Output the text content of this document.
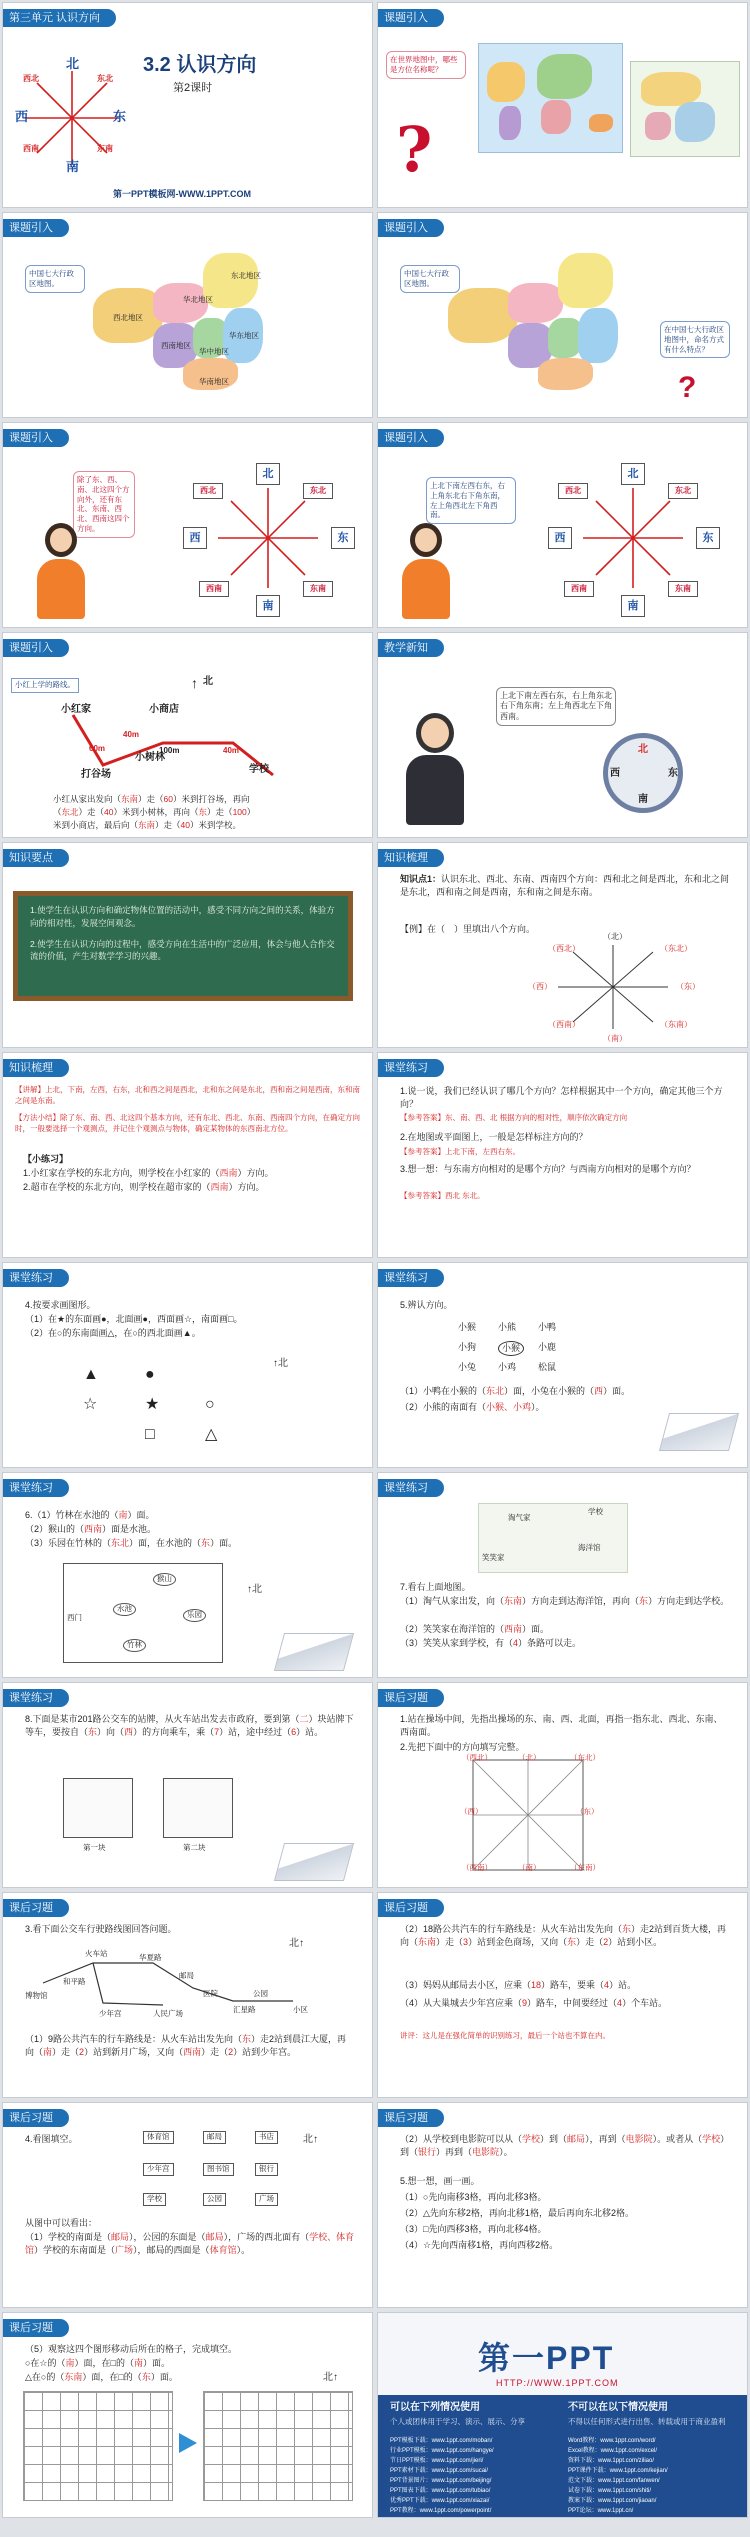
第三单元 认识方向
3.2 认识方向
第2课时
北
东北
东
东南
南
西南
西
西北
第一PPT模板网-WWW.1PPT.COM
课题引入
在世界地图中，哪些是方位名称呢？
?
课题引入
中国七大行政区地图。
东北地区
华北地区
西北地区
西南地区
华中地区
华东地区
华南地区
课题引入
中国七大行政区地图。
在中国七大行政区地图中，命名方式有什么特点？
?
课题引入
除了东、西、南、北这四个方向外，还有东北、东南、西北、西南这四个方向。
北
东北
东
东南
南
西南
西
西北
课题引入
上北下南左西右东，右上角东北右下角东南，左上角西北左下角西南。
北
东北
东
东南
南
西南
西
西北
课题引入
小红上学的路线。	北
↑
小红家	小商店
小树林
学校
打谷场
60m	100m
40m
40m
小红从家出发向（东南）走（60）米到打谷场，再向
（东北）走（40）米到小树林，再向（东）走（100）
米到小商店，最后向（东南）走（40）米到学校。
教学新知
上北下南左西右东，右上角东北右下角东南；左上角西北左下角西南。
北
东
南
西
知识要点
1.使学生在认识方向和确定物体位置的活动中，感受不同方向之间的关系，体验方向的相对性，发展空间观念。
2.使学生在认识方向的过程中，感受方向在生活中的广泛应用，体会与他人合作交流的价值，产生对数学学习的兴趣。
知识梳理
知识点1：认识东北、西北、东南、西南四个方向：西和北之间是西北，东和北之间是东北，西和南之间是西南，东和南之间是东南。
【例】在（　）里填出八个方向。
（北）
（东北）
（东）
（东南）
（南）
（西南）
（西）
（西北）
知识梳理
【讲解】上北，下南，左西，右东，北和西之间是西北，北和东之间是东北，西和南之间是西南，东和南之间是东南。
【方法小结】除了东、南、西、北这四个基本方向，还有东北、西北、东南、西南四个方向，在确定方向时，一般要选择一个观测点，并记住个观测点与物体，确定某物体的东西南北方位。
【小练习】
1.小红家在学校的东北方向，则学校在小红家的（西南）方向。
2.超市在学校的东北方向，则学校在超市家的（西南）方向。
课堂练习
1.说一说，我们已经认识了哪几个方向？怎样根据其中一个方向，确定其他三个方向？
【参考答案】东、南、西、北 根据方向的相对性，顺序依次确定方向
2.在地图或平面图上，一般是怎样标注方向的？
【参考答案】上北下南，左西右东。
3.想一想：与东南方向相对的是哪个方向？与西南方向相对的是哪个方向？
【参考答案】西北 东北。
课堂练习
4.按要求画图形。
（1）在★的东面画●，北面画●，西面画☆，南面画□。
（2）在○的东南面画△，在○的西北面画▲。
↑北
▲	●
☆	★	○
□	△
课堂练习
5.辨认方向。
小猴 小熊 小鸭
小狗	小猴	小鹿
小兔 小鸡 松鼠
（1）小鸭在小猴的（东北）面，小兔在小猴的（西）面。
（2）小熊的南面有（小猴、小鸡）。
课堂练习
6.（1）竹林在水池的（南）面。
（2）猴山的（西南）面是水池。
（3）乐园在竹林的（东北）面，在水池的（东）面。
西门
猴山
水池
竹林
乐园
↑北
课堂练习
学校
海洋馆
笑笑家
淘气家
7.看右上面地图。
（1）淘气从家出发，向（东南）方向走到达海洋馆，再向（东）方向走到达学校。
（2）笑笑家在海洋馆的（西南）面。
（3）笑笑从家到学校，有（4）条路可以走。
课堂练习
8.下面是某市201路公交车的站牌，从火车站出发去市政府，要到第（二）块站牌下等车，要按自（东）向（西）的方向乘车，乘（7）站，途中经过（6）站。
第一块	第二块
课后习题
1.站在操场中间，先指出操场的东、南、西、北面，再指一指东北、西北、东南、西南面。
2.先把下面中的方向填写完整。
（北）	（东北）
（东）
（东南）
（南）
（西南）
（西）
（西北）
课后习题
3.看下面公交车行驶路线图回答问题。
北↑
博物馆
火车站	华夏路
邮局
医院
汇星路
公园
少年宫	人民广场
和平路
小区
（1）9路公共汽车的行车路线是：从火车站出发先向（东）走2站到晨江大厦，再向（南）走（2）站到新月广场，又向（西南）走（2）站到少年宫。
课后习题
（2）18路公共汽车的行车路线是：从火车站出发先向（东）走2站到百货大楼，再向（东南）走（3）站到金色商场，又向（东）走（2）站到小区。
（3）妈妈从邮局去小区，应乘（18）路车，要乘（4）站。
（4）从大巢城去少年宫应乘（9）路车，中间要经过（4）个车站。
讲评：这儿是在强化简单的识别练习，最后一个站也不算在内。
课后习题
4.看图填空。	北↑
体育馆	邮局	书店
少年宫	图书馆	银行
学校	公园	广场
从图中可以看出：
（1）学校的南面是（邮局），公园的东面是（邮局），广场的西北面有（学校、体育馆）学校的东南面是（广场），邮局的西面是（体育馆）。
课后习题
（2）从学校到电影院可以从（学校）到（邮局），再到（电影院）。或者从（学校）到（银行）再到（电影院）。
5.想一想，画一画。
（1）○先向南移3格，再向北移3格。
（2）△先向东移2格，再向北移1格，最后再向东北移2格。
（3）□先向西移3格，再向北移4格。
（4）☆先向西南移1格，再向西移2格。
课后习题
（5）观察这四个图形移动后所在的格子，完成填空。
○在☆的（南）面，在□的（南）面。
△在○的（东南）面，在□的（东）面。	北↑
第一PPT
HTTP://WWW.1PPT.COM
可以在下列情况使用	不可以在以下情况使用
个人或团体用于学习、演示、展示、分享	不得以任何形式进行出售、转载或用于商业盈利
PPT模板下载：www.1ppt.com/moban/
行业PPT模板：www.1ppt.com/hangye/
节日PPT模板：www.1ppt.com/jieri/
PPT素材下载：www.1ppt.com/sucai/
PPT背景图片：www.1ppt.com/beijing/
PPT图表下载：www.1ppt.com/tubiao/
优秀PPT下载：www.1ppt.com/xiazai/
PPT教程：www.1ppt.com/powerpoint/
Word教程：www.1ppt.com/word/
Excel教程：www.1ppt.com/excel/
资料下载：www.1ppt.com/ziliao/
PPT课件下载：www.1ppt.com/kejian/
范文下载：www.1ppt.com/fanwen/
试卷下载：www.1ppt.com/shiti/
教案下载：www.1ppt.com/jiaoan/
PPT论坛：www.1ppt.cn/
